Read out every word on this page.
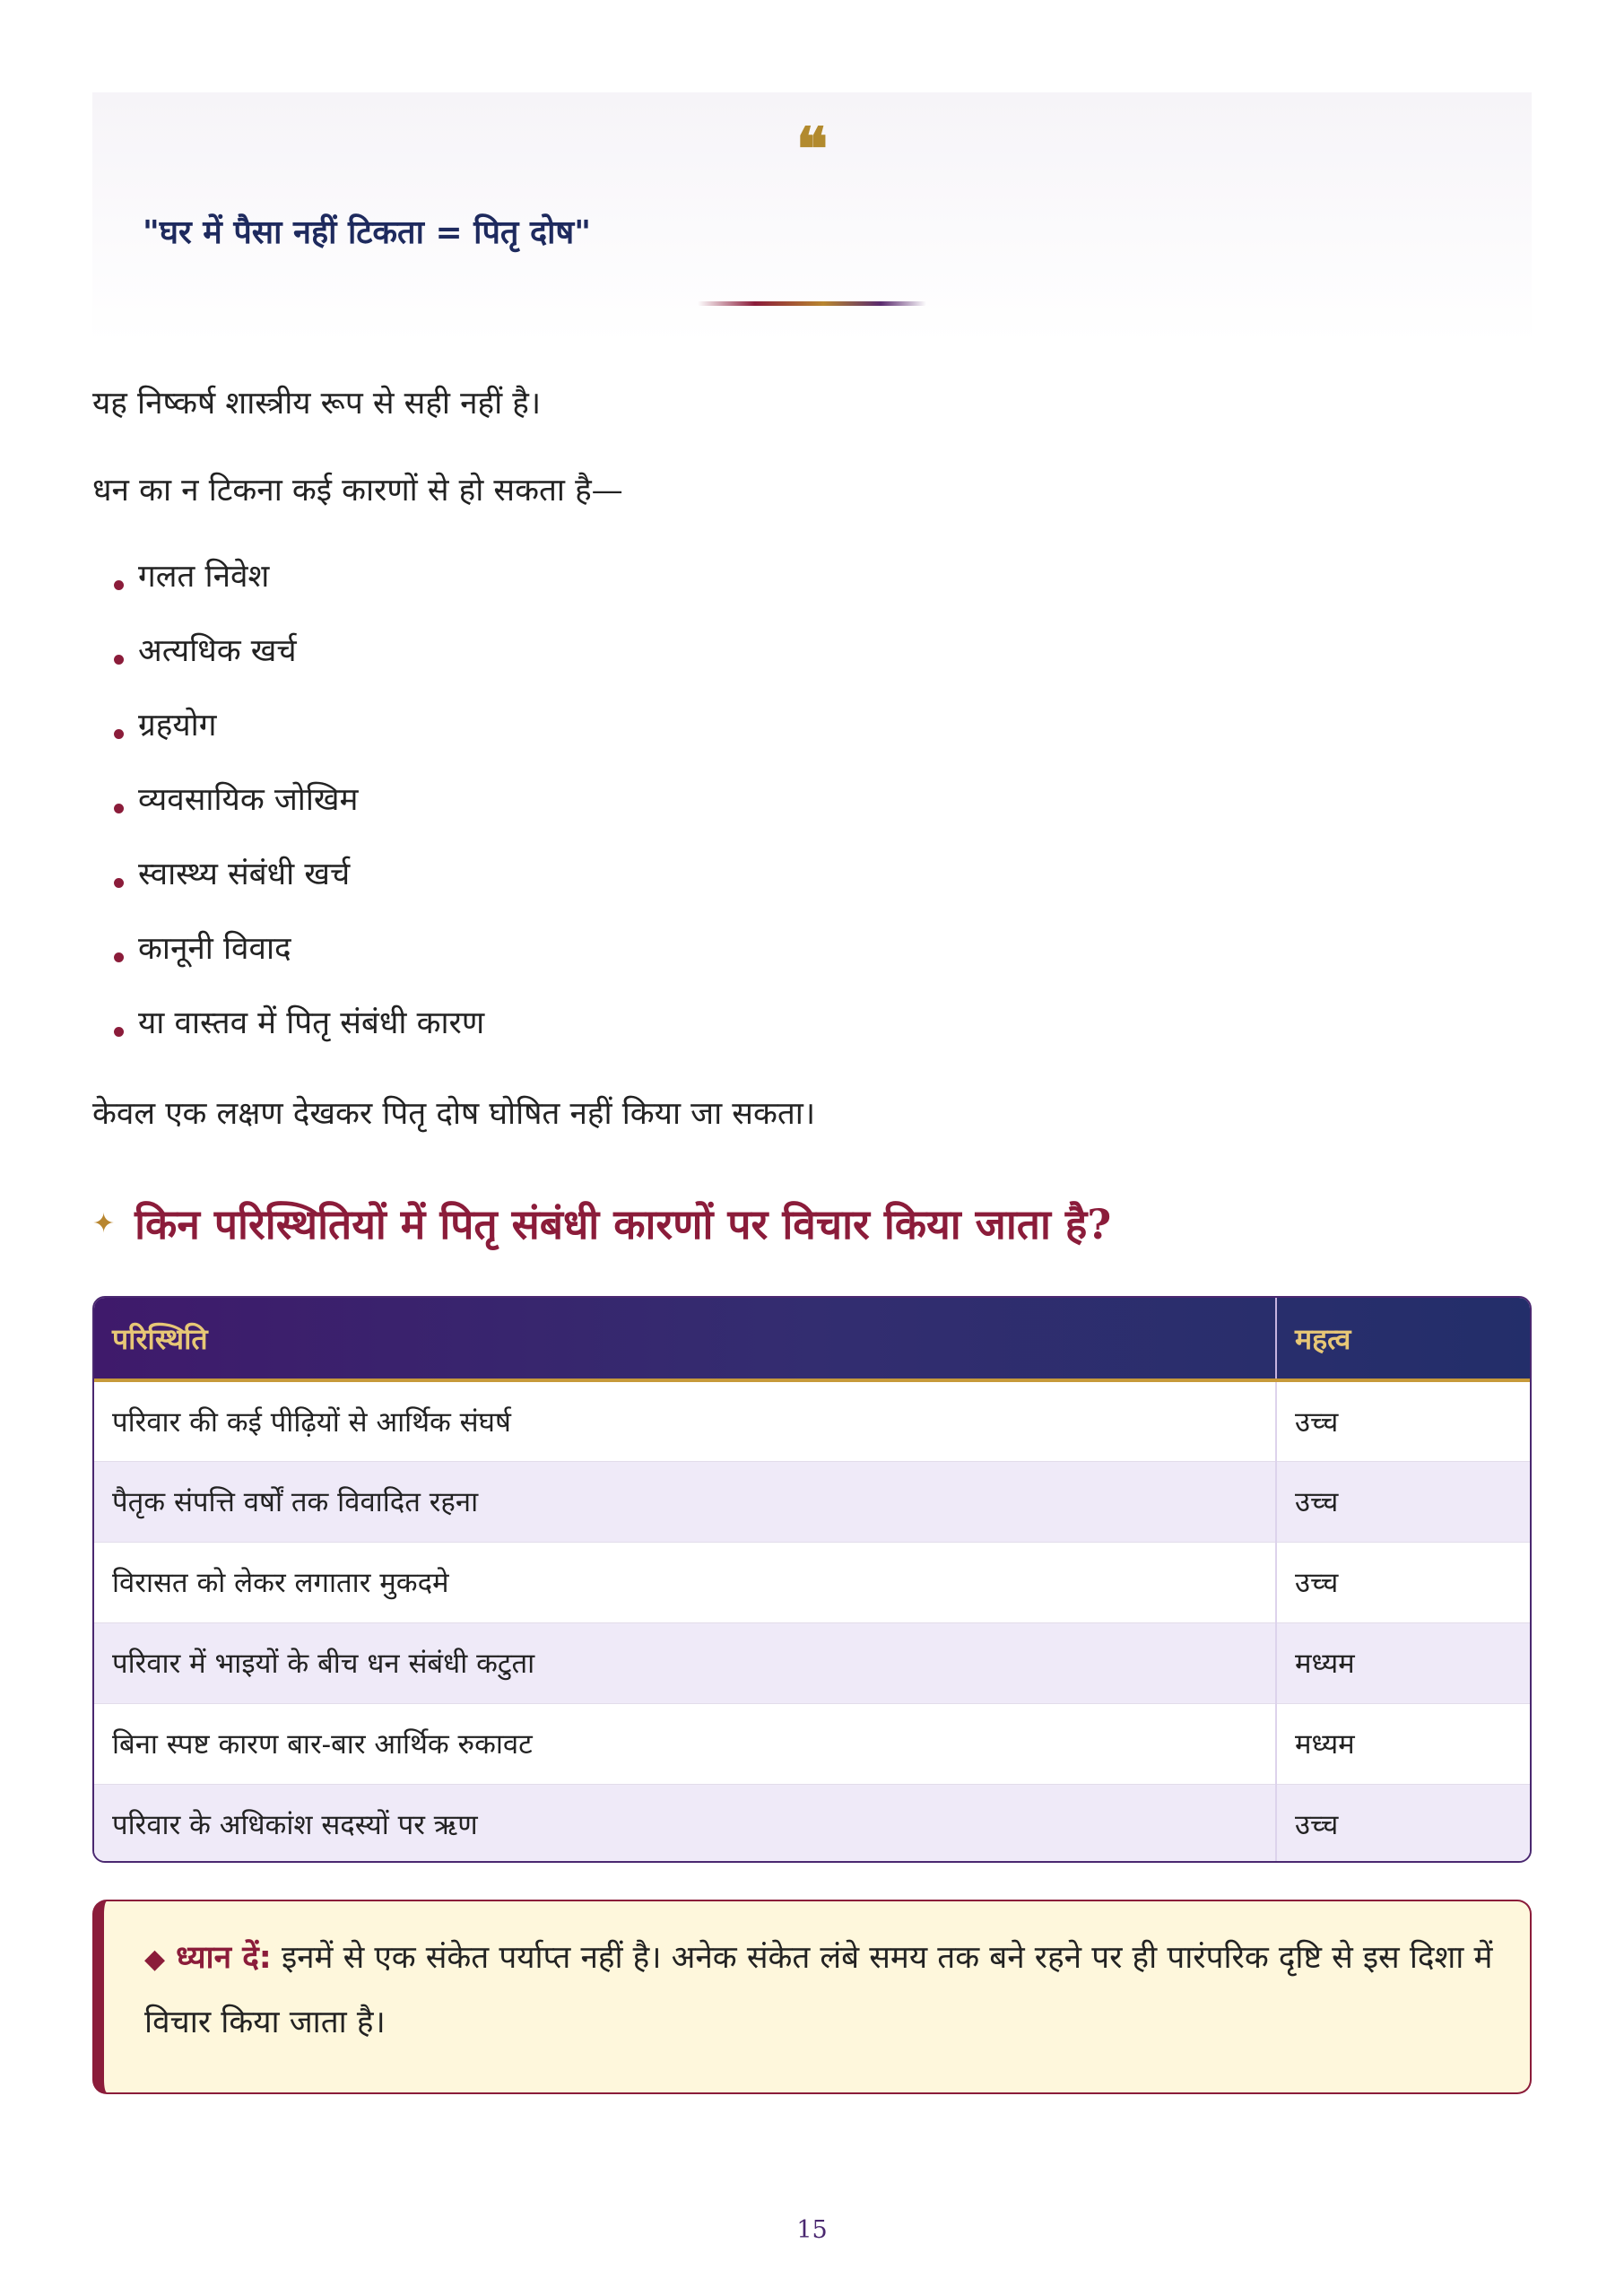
❝
"घर में पैसा नहीं टिकता = पितृ दोष"

यह निष्कर्ष शास्त्रीय रूप से सही नहीं है।

धन का न टिकना कई कारणों से हो सकता है—

गलत निवेश
अत्यधिक खर्च
ग्रहयोग
व्यवसायिक जोखिम
स्वास्थ्य संबंधी खर्च
कानूनी विवाद
या वास्तव में पितृ संबंधी कारण

केवल एक लक्षण देखकर पितृ दोष घोषित नहीं किया जा सकता।

✦ किन परिस्थितियों में पितृ संबंधी कारणों पर विचार किया जाता है?
परिस्थिति	महत्व
परिवार की कई पीढ़ियों से आर्थिक संघर्ष	उच्च
पैतृक संपत्ति वर्षों तक विवादित रहना	उच्च
विरासत को लेकर लगातार मुकदमे	उच्च
परिवार में भाइयों के बीच धन संबंधी कटुता	मध्यम
बिना स्पष्ट कारण बार-बार आर्थिक रुकावट	मध्यम
परिवार के अधिकांश सदस्यों पर ऋण	उच्च
◆ ध्यान दें: इनमें से एक संकेत पर्याप्त नहीं है। अनेक संकेत लंबे समय तक बने रहने पर ही पारंपरिक दृष्टि से इस दिशा में विचार किया जाता है।
15
